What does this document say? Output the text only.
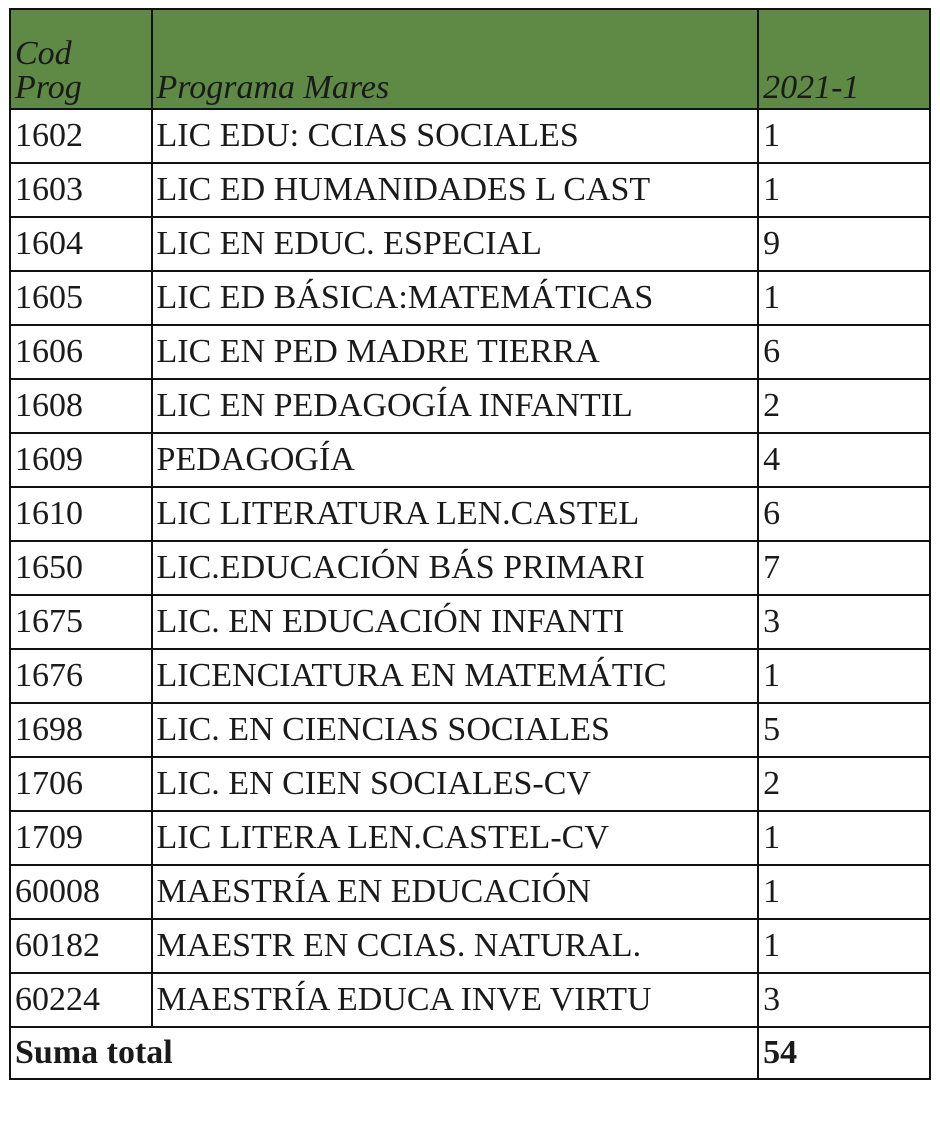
Cod
Prog	Programa Mares	2021-1
1602	LIC EDU: CCIAS SOCIALES	1
1603	LIC ED HUMANIDADES L CAST	1
1604	LIC EN EDUC. ESPECIAL	9
1605	LIC ED BÁSICA:MATEMÁTICAS	1
1606	LIC EN PED MADRE TIERRA	6
1608	LIC EN PEDAGOGÍA INFANTIL	2
1609	PEDAGOGÍA	4
1610	LIC LITERATURA LEN.CASTEL	6
1650	LIC.EDUCACIÓN BÁS PRIMARI	7
1675	LIC. EN EDUCACIÓN INFANTI	3
1676	LICENCIATURA EN MATEMÁTIC	1
1698	LIC. EN CIENCIAS SOCIALES	5
1706	LIC. EN CIEN SOCIALES-CV	2
1709	LIC LITERA LEN.CASTEL-CV	1
60008	MAESTRÍA EN EDUCACIÓN	1
60182	MAESTR EN CCIAS. NATURAL.	1
60224	MAESTRÍA EDUCA INVE VIRTU	3
Suma total		54
